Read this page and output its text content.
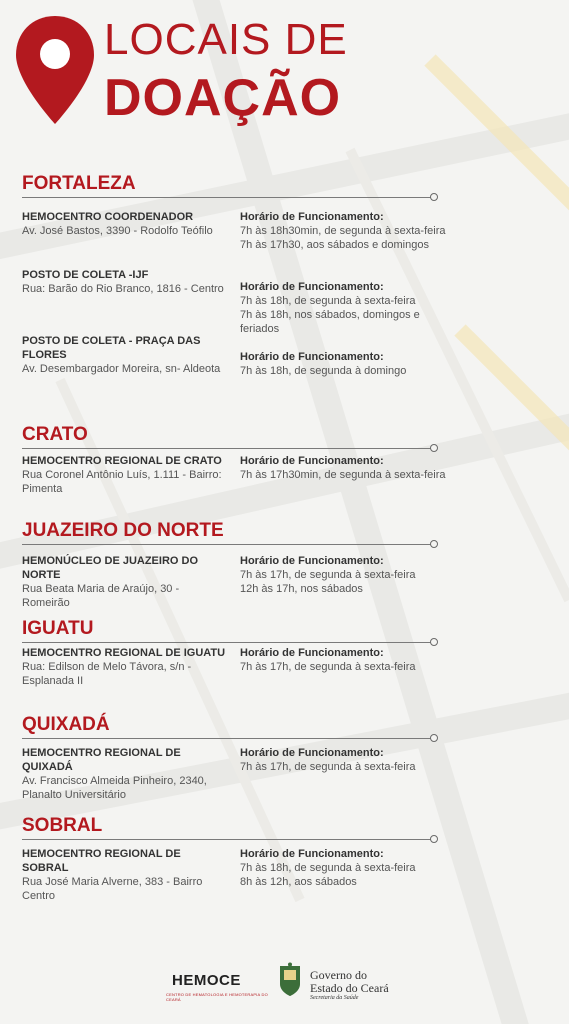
LOCAIS DE
DOAÇÃO
FORTALEZA
HEMOCENTRO COORDENADOR
Av. José Bastos, 3390 - Rodolfo Teófilo
Horário de Funcionamento:
7h às 18h30min, de segunda à sexta-feira
7h às 17h30, aos sábados e domingos
POSTO DE COLETA -IJF
Rua: Barão do Rio Branco, 1816 - Centro Horário de Funcionamento:
7h às 18h, de segunda à sexta-feira
7h às 18h, nos sábados, domingos e feriados
POSTO DE COLETA - PRAÇA DAS FLORES
Av. Desembargador Moreira, sn- Aldeota
Horário de Funcionamento:
7h às 18h, de segunda à domingo
CRATO
HEMOCENTRO REGIONAL DE CRATO
Rua Coronel Antônio Luís, 1.111 - Bairro: Pimenta
Horário de Funcionamento:
7h às 17h30min, de segunda à sexta-feira
JUAZEIRO DO NORTE
HEMONÚCLEO DE JUAZEIRO DO NORTE
Rua Beata Maria de Araújo, 30 - Romeirão
Horário de Funcionamento:
7h às 17h, de segunda à sexta-feira
12h às 17h, nos sábados
IGUATU
HEMOCENTRO REGIONAL DE IGUATU
Rua: Edilson de Melo Távora, s/n - Esplanada II
Horário de Funcionamento:
7h às 17h, de segunda à sexta-feira
QUIXADÁ
HEMOCENTRO REGIONAL DE QUIXADÁ
Av. Francisco Almeida Pinheiro, 2340, Planalto Universitário
Horário de Funcionamento:
7h às 17h, de segunda à sexta-feira
SOBRAL
HEMOCENTRO REGIONAL DE SOBRAL
Rua José Maria Alverne, 383 - Bairro Centro
Horário de Funcionamento:
7h às 18h, de segunda à sexta-feira
8h às 12h, aos sábados
HEMOCE
CENTRO DE HEMATOLOGIA E HEMOTERAPIA DO CEARÁ
Governo do
Estado do Ceará
Secretaria da Saúde
